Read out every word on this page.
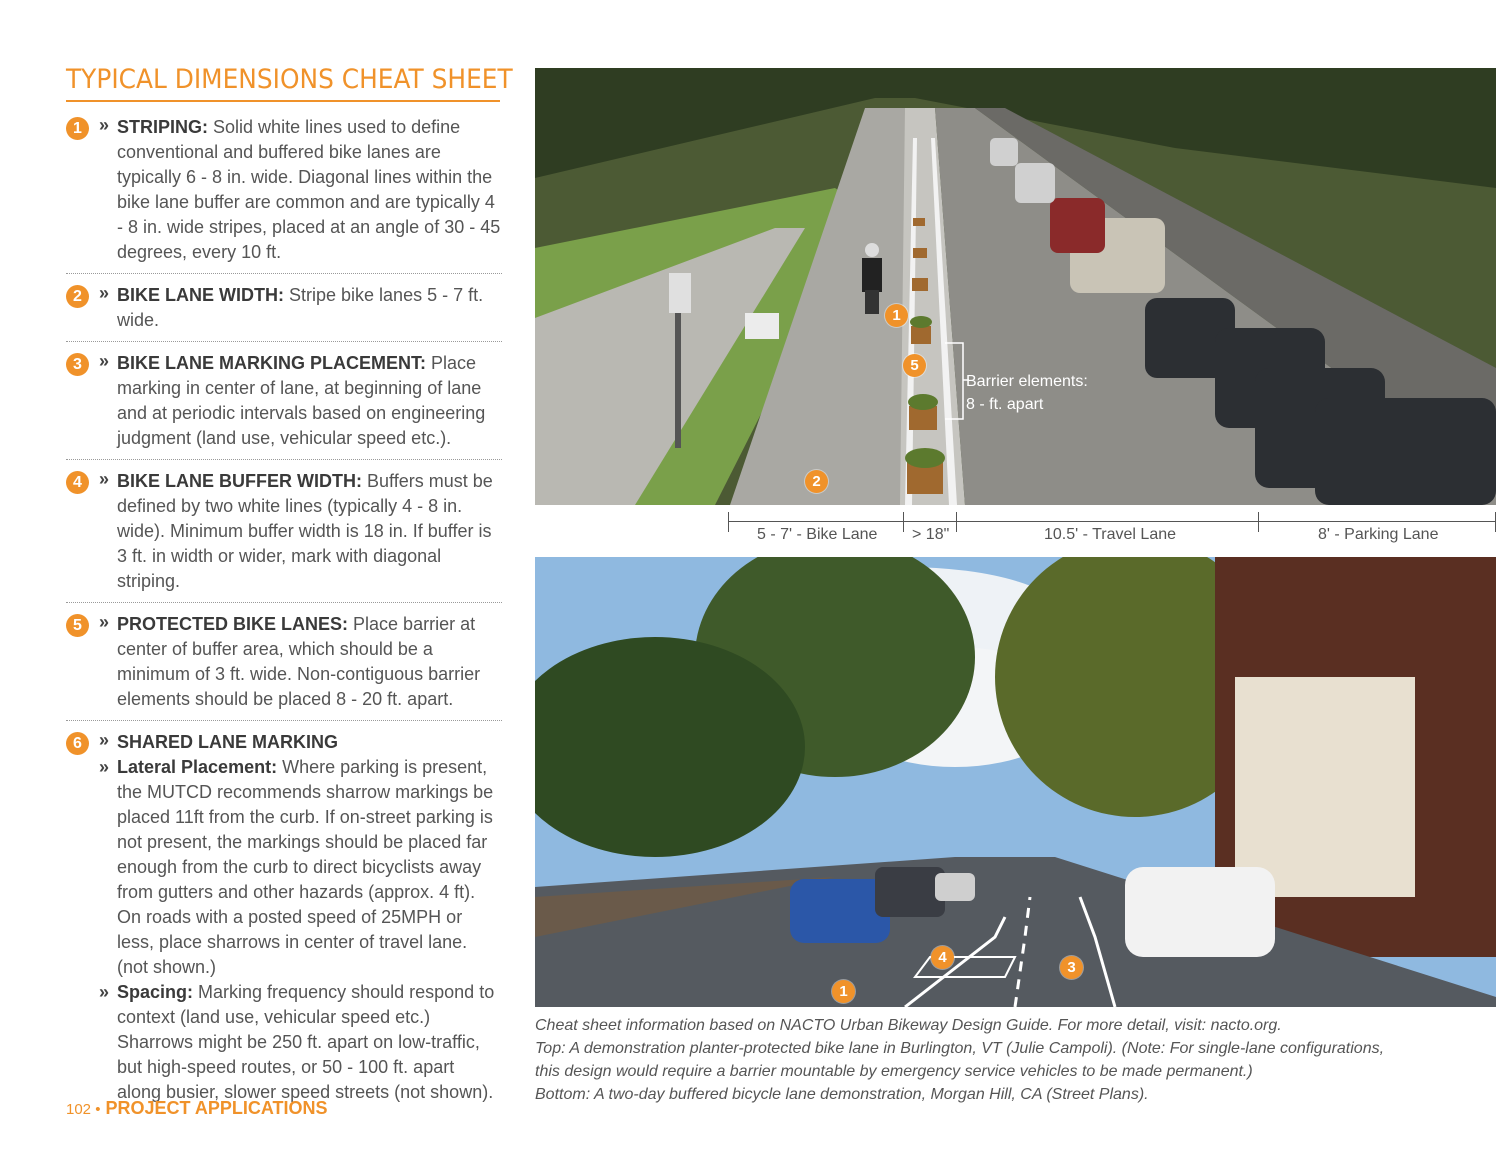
TYPICAL DIMENSIONS CHEAT SHEET
1 » STRIPING: Solid white lines used to define conventional and buffered bike lanes are typically 6 - 8 in. wide. Diagonal lines within the bike lane buffer are common and are typically 4 - 8 in. wide stripes, placed at an angle of 30 - 45 degrees, every 10 ft.
2 » BIKE LANE WIDTH: Stripe bike lanes 5 - 7 ft. wide.
3 » BIKE LANE MARKING PLACEMENT: Place marking in center of lane, at beginning of lane and at periodic intervals based on engineering judgment (land use, vehicular speed etc.).
4 » BIKE LANE BUFFER WIDTH: Buffers must be defined by two white lines (typically 4 - 8 in. wide). Minimum buffer width is 18 in. If buffer is 3 ft. in width or wider, mark with diagonal striping.
5 » PROTECTED BIKE LANES: Place barrier at center of buffer area, which should be a minimum of 3 ft. wide. Non-contiguous barrier elements should be placed 8 - 20 ft. apart.
6 » SHARED LANE MARKING
» Lateral Placement: Where parking is present, the MUTCD recommends sharrow markings be placed 11ft from the curb. If on-street parking is not present, the markings should be placed far enough from the curb to direct bicyclists away from gutters and other hazards (approx. 4 ft). On roads with a posted speed of 25MPH or less, place sharrows in center of travel lane. (not shown.)
» Spacing: Marking frequency should respond to context (land use, vehicular speed etc.) Sharrows might be 250 ft. apart on low-traffic, but high-speed routes, or 50 - 100 ft. apart along busier, slower speed streets (not shown).
102 • PROJECT APPLICATIONS
1
5
2
Barrier elements:
8 - ft. apart
5 - 7' - Bike Lane > 18"	10.5' - Travel Lane	8' - Parking Lane
4
3
1
Cheat sheet information based on NACTO Urban Bikeway Design Guide. For more detail, visit: nacto.org.
Top: A demonstration planter-protected bike lane in Burlington, VT (Julie Campoli). (Note: For single-lane configurations,
this design would require a barrier mountable by emergency service vehicles to be made permanent.)
Bottom: A two-day buffered bicycle lane demonstration, Morgan Hill, CA (Street Plans).
